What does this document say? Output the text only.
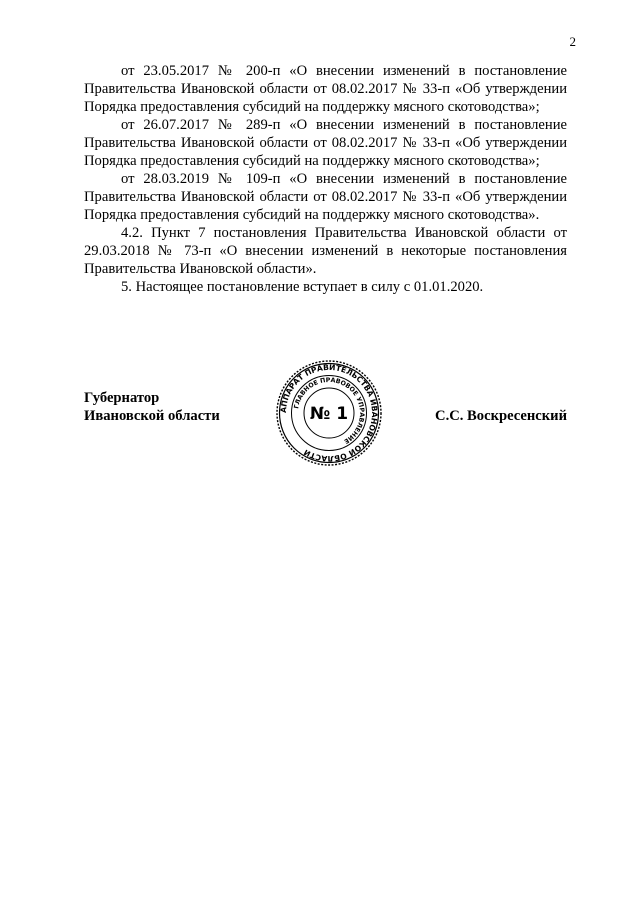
2

от 23.05.2017 № 200-п «О внесении изменений в постановление Правительства Ивановской области от 08.02.2017 № 33-п «Об утверждении Порядка предоставления субсидий на поддержку мясного скотоводства»;

от 26.07.2017 № 289-п «О внесении изменений в постановление Правительства Ивановской области от 08.02.2017 № 33-п «Об утверждении Порядка предоставления субсидий на поддержку мясного скотоводства»;

от 28.03.2019 № 109-п «О внесении изменений в постановление Правительства Ивановской области от 08.02.2017 № 33-п «Об утверждении Порядка предоставления субсидий на поддержку мясного скотоводства».

4.2. Пункт 7 постановления Правительства Ивановской области от 29.03.2018 № 73-п «О внесении изменений в некоторые постановления Правительства Ивановской области».

5. Настоящее постановление вступает в силу с 01.01.2020.

Губернатор
Ивановской области	АППАРАТ ПРАВИТЕЛЬСТВА ИВАНОВСКОЙ ОБЛАСТИ
ГЛАВНОЕ ПРАВОВОЕ УПРАВЛЕНИЕ
№ 1	С.С. Воскресенский
